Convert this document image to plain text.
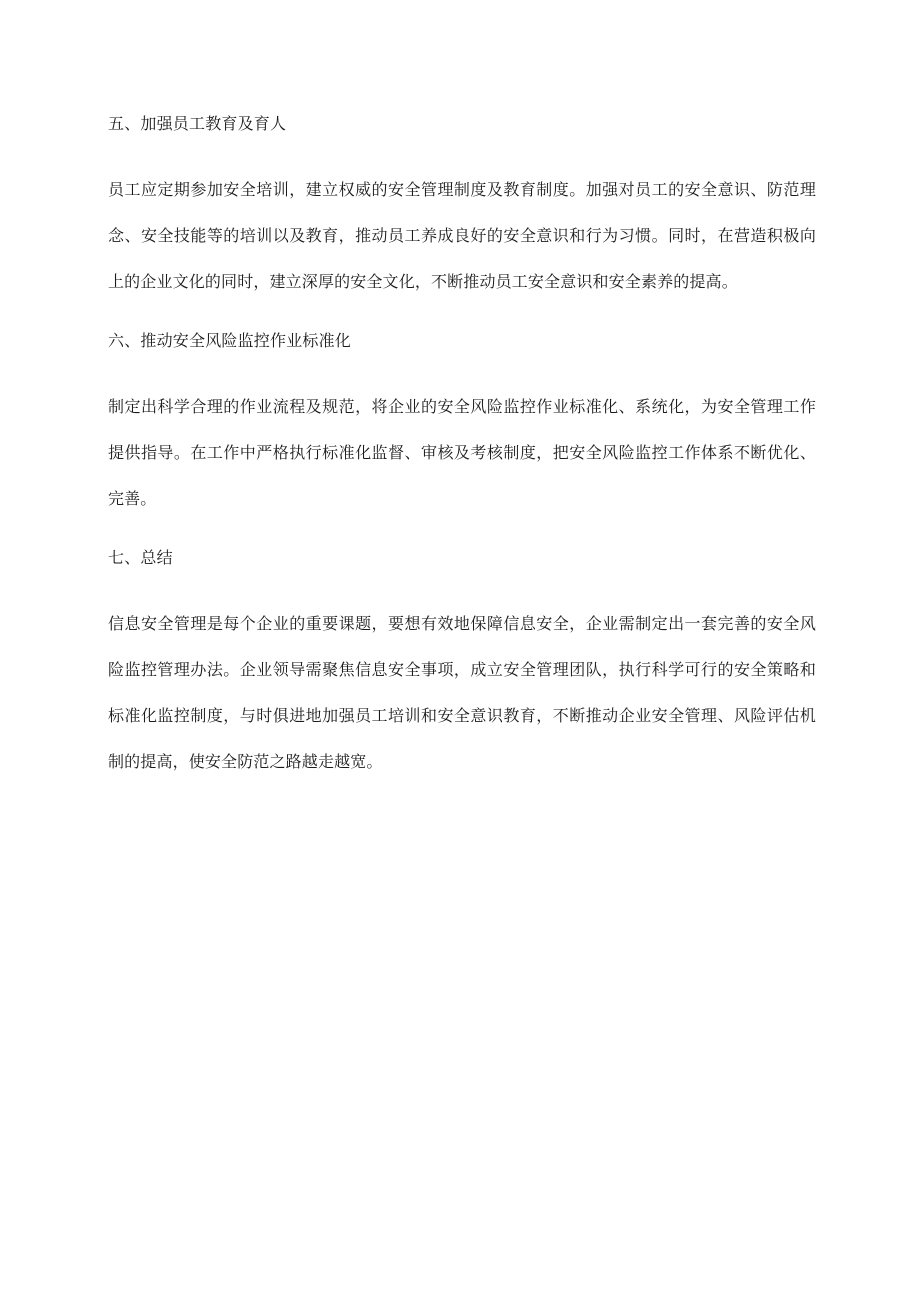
五、加强员工教育及育人
员工应定期参加安全培训，建立权威的安全管理制度及教育制度。加强对员工的安全意识、防范理念、安全技能等的培训以及教育，推动员工养成良好的安全意识和行为习惯。同时，在营造积极向上的企业文化的同时，建立深厚的安全文化，不断推动员工安全意识和安全素养的提高。
六、推动安全风险监控作业标准化
制定出科学合理的作业流程及规范，将企业的安全风险监控作业标准化、系统化，为安全管理工作提供指导。在工作中严格执行标准化监督、审核及考核制度，把安全风险监控工作体系不断优化、完善。
七、总结
信息安全管理是每个企业的重要课题，要想有效地保障信息安全，企业需制定出一套完善的安全风险监控管理办法。企业领导需聚焦信息安全事项，成立安全管理团队，执行科学可行的安全策略和标准化监控制度，与时俱进地加强员工培训和安全意识教育，不断推动企业安全管理、风险评估机制的提高，使安全防范之路越走越宽。
